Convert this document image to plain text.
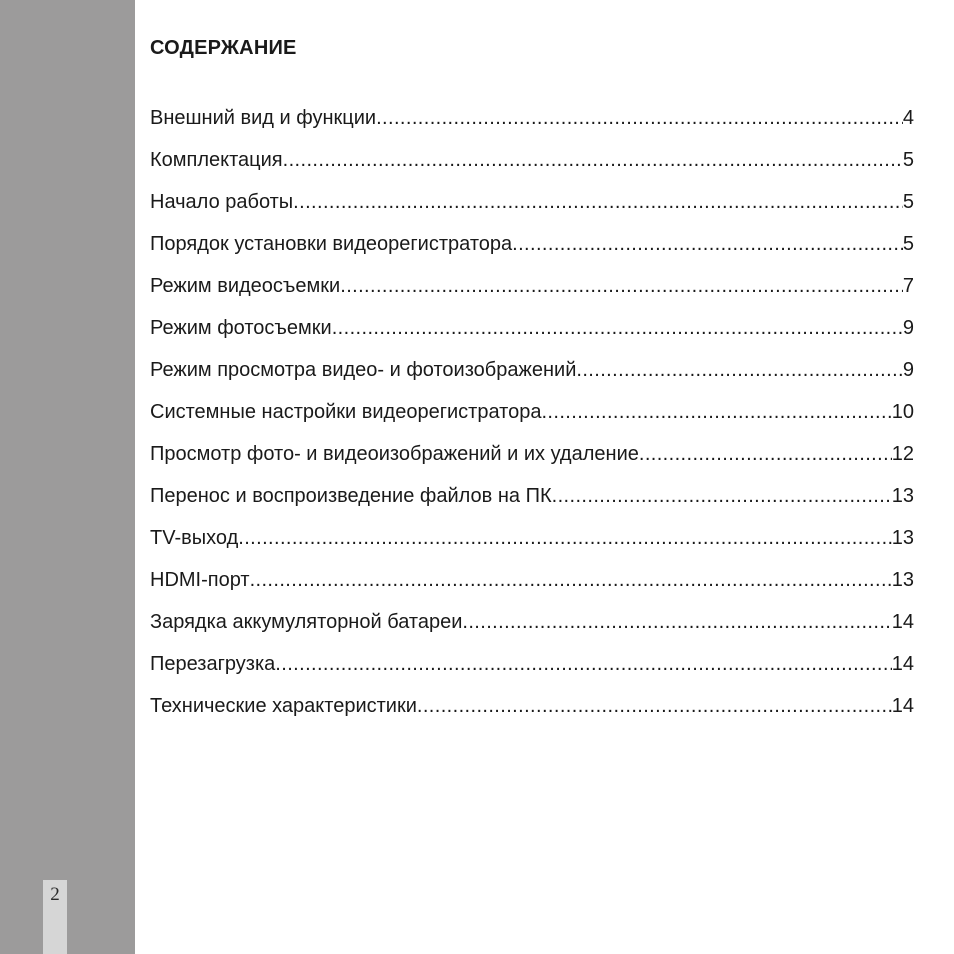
2
СОДЕРЖАНИЕ
Внешний вид и функции .....	4
Комплектация .....	5
Начало работы .....	5
Порядок установки видеорегистратора .....	5
Режим видеосъемки .....	7
Режим фотосъемки .....	9
Режим просмотра видео- и фотоизображений .....	9
Системные настройки видеорегистратора .....	10
Просмотр фото- и видеоизображений и их удаление .....	12
Перенос и воспроизведение файлов на ПК .....	13
TV-выход .....	13
HDMI-порт .....	13
Зарядка аккумуляторной батареи .....	14
Перезагрузка .....	14
Технические характеристики .....	14
